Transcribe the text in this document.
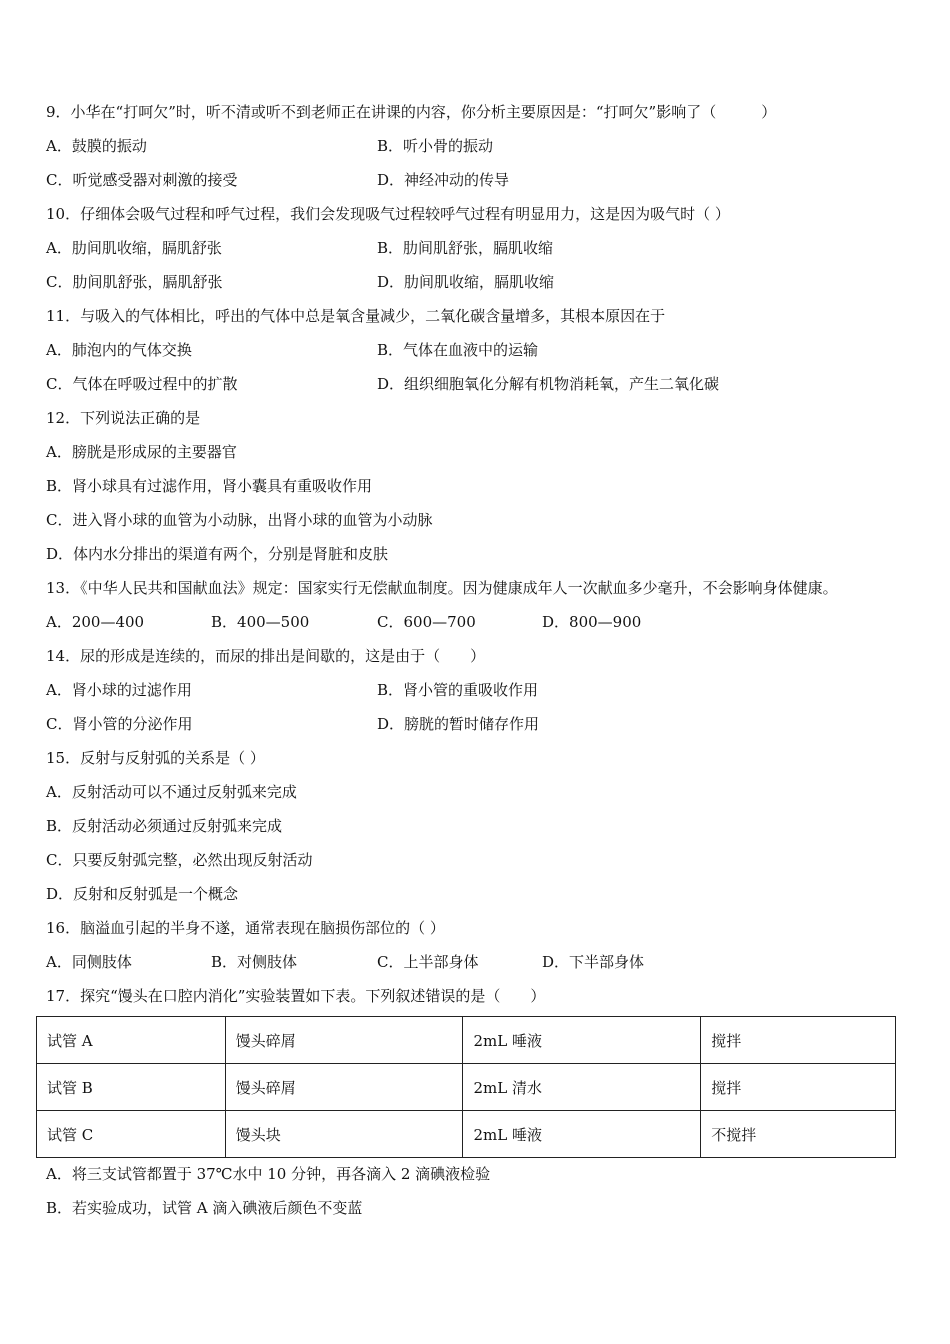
9．小华在“打呵欠”时，听不清或听不到老师正在讲课的内容，你分析主要原因是：“打呵欠”影响了（　　　）
A．鼓膜的振动	B．听小骨的振动
C．听觉感受器对刺激的接受	D．神经冲动的传导
10．仔细体会吸气过程和呼气过程，我们会发现吸气过程较呼气过程有明显用力，这是因为吸气时（ ）
A．肋间肌收缩，膈肌舒张	B．肋间肌舒张，膈肌收缩
C．肋间肌舒张，膈肌舒张	D．肋间肌收缩，膈肌收缩
11．与吸入的气体相比，呼出的气体中总是氧含量减少，二氧化碳含量增多，其根本原因在于
A．肺泡内的气体交换	B．气体在血液中的运输
C．气体在呼吸过程中的扩散	D．组织细胞氧化分解有机物消耗氧，产生二氧化碳
12．下列说法正确的是
A．膀胱是形成尿的主要器官
B．肾小球具有过滤作用，肾小囊具有重吸收作用
C．进入肾小球的血管为小动脉，出肾小球的血管为小动脉
D．体内水分排出的渠道有两个，分别是肾脏和皮肤
13．《中华人民共和国献血法》规定：国家实行无偿献血制度。因为健康成年人一次献血多少毫升，不会影响身体健康。
A．200—400	B．400—500	C．600—700	D．800—900
14．尿的形成是连续的，而尿的排出是间歇的，这是由于（　　）
A．肾小球的过滤作用	B．肾小管的重吸收作用
C．肾小管的分泌作用	D．膀胱的暂时储存作用
15．反射与反射弧的关系是（ ）
A．反射活动可以不通过反射弧来完成
B．反射活动必须通过反射弧来完成
C．只要反射弧完整，必然出现反射活动
D．反射和反射弧是一个概念
16．脑溢血引起的半身不遂，通常表现在脑损伤部位的（ ）
A．同侧肢体	B．对侧肢体	C．上半部身体	D．下半部身体
17．探究“馒头在口腔内消化”实验装置如下表。下列叙述错误的是（　　）
试管 A	馒头碎屑	2mL 唾液	搅拌
试管 B	馒头碎屑	2mL 清水	搅拌
试管 C	馒头块	2mL 唾液	不搅拌
A．将三支试管都置于 37℃水中 10 分钟，再各滴入 2 滴碘液检验
B．若实验成功，试管 A 滴入碘液后颜色不变蓝
